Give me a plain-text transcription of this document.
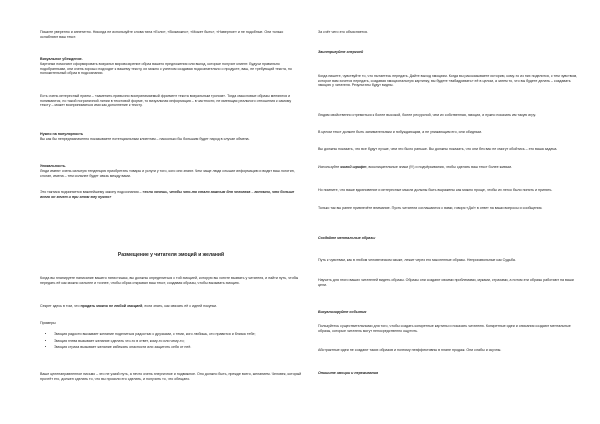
Пишите уверенно и аппетитно. Никогда не используйте слова типа «Если», «Возможно», «Может быть», «Наверное» и не подобные. Они только ослабляют ваш текст.

Визуальное убеждение.

Картинки помогают сформировать визуальн мировоззрение образ вашего предложения или выгод, которые получит клиент. Будучи правильно подобранными, они очень хорошо подходят к вашему тексту, их можно с успехом создавая подсознательно о продукте, ваш, не требующий текста, но положительный образ в подсознании.

Есть очень интересный прием – «заменить привычно воспринимаемый фрагмент текста визуальным тропом». Тогда смысловые образы меняются и понимаются, по такой пограничной линии в текстовой форме, то визуальная информация – в частности, не имеющая реального отношения к самому тексту – может восприниматься ими как дополнение к тексту.

Нужно на популярность

Вы как бы непредназначенно показываете потенциальным клиентам – насколько бы большим будет народ в случае обмена.

Уникальность.

Люди имеют очень сильную тенденцию приобретать товары и услуги у того, кого они знают. Чем чаще люди слышат информацию и видят ваш логотип, слоган, имена – тем сильнее будет связь между вами.

Это тактика подчиняется важнейшему закону подсознания – «если хочешь, чтобы что-то стало важным для человека – вспомни, что больше всего он хочет и при этом ему нужно»

Размещение у читателя эмоций и желаний

Когда вы планируете написание вашего пятистишья, вы должны определиться с той эмоцией, которую вы хотите вызвать у читателя, и найти путь, чтобы передать её как можно сильнее и точнее, чтобы образ открывал ваш текст, создавая образы, чтобы вызывать эмоцию.

Секрет здесь в том, что продать можно не любой эмоцией, если знать, как связать её с идеей покупки.

Примеры

• Эмоция радости вызывает желание поделиться радостью с друзьями, с теми, кого любишь, кто нравится и близок тебе;
• Эмоция гнева вызывает желание сделать что-то в ответ, кому-то или чему-то;
• Эмоция страха вызывает желание избежать опасности или защитить себя от неё.

Ваше целенаправленное письмо – это не узкий путь, а нечто очень энергичное и подвижное. Оно должно быть, прежде всего, желанием. Человек, который прочтёт его, должен сделать то, что вы просили его сделать, и получить то, что обещано.

За счёт чего это объясняется.

Заинтригуйте энергией

Когда пишете, чувствуйте то, что пытаетесь передать. Дайте выход эмоциям. Когда вы рассказываете историю, кому-то из них поделится, с тем чувством, которое вам хочется передать, создавая эмоциональную картинку, вы будете «взбадривать» её в целом, а затем то, что вы будете делать – создавать эмоцию у читателя. Результаты будут видны.

Людям свойственно стремиться к более высокой, более ресурсной, чем их собственная, эмоции, и нужно показать им такую игру.

В целом текст должен быть занимательным и побуждающим, а не унижающим его, или обидным.

Вы должны показать, что все будут лучше, чем это было раньше. Вы должны показать, что они без вас не смогут обойтись – это ваша задача.

Используйте живой шрифт, восклицательные знаки (!!!) и подчёркивания, чтобы сделать ваш текст более живым.

Но помните, что ваше вдохновение и интересные мысли должны быть выражены как можно проще, чтобы их легко было понять и принять.

Только так вы ранее привлечёте внимание. Пусть читатели соглашаются с вами, говоря «Да!» в ответ на ваши вопросы и сообщения.

Создайте ментальные образы

Путь к чувствам, как в любом человеческом языке, лежит через его мысленные образы. Непроизвольные как Судьба.

Научить для этого ваших читателей видеть образы. Образы они создают своими проблемами, муками, страхами, а потом эти образы работают на ваши цели.

Визуализируйте события

Пользуйтесь существительными для того, чтобы создать конкретные картины и показать читателю. Конкретные идеи и описания создают ментальные образы, которые читатель могут непосредственно ощутить.

Абстрактные идеи не создают таких образов и поэтому неэффективны в плане продаж. Они слабы и скучны.

Опишите эмоции и переживания
